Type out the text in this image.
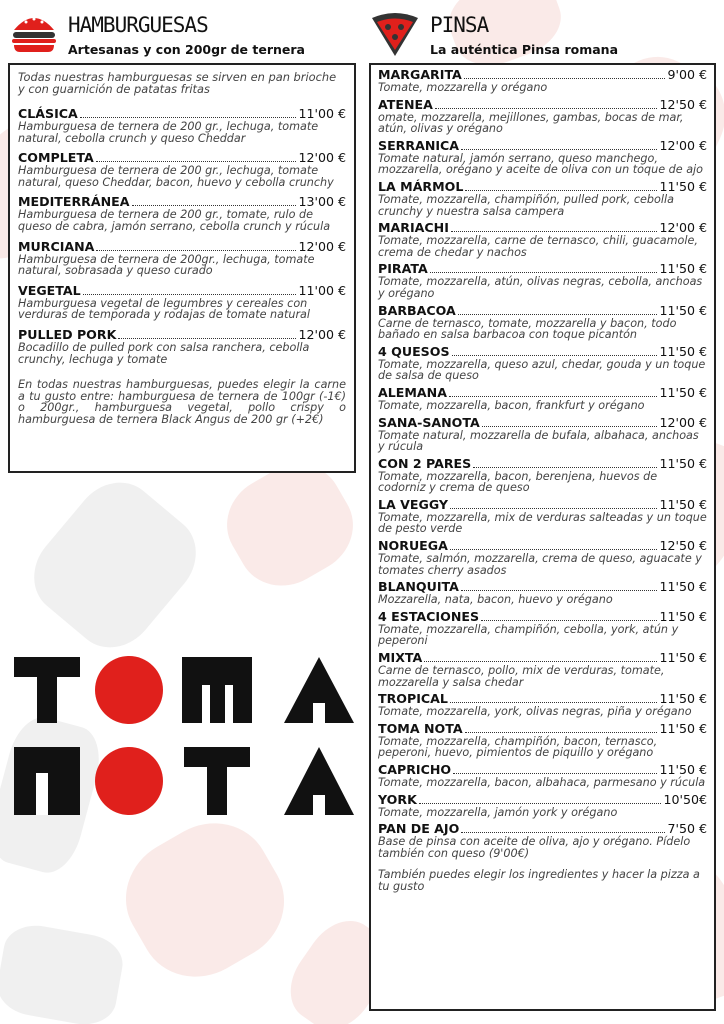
HAMBURGUESAS
Artesanas y con 200gr de ternera
PINSA
La auténtica Pinsa romana
Todas nuestras hamburguesas se sirven en pan brioche y con guarnición de patatas fritas
CLÁSICA	11'00 €
Hamburguesa de ternera de 200 gr., lechuga, tomate natural, cebolla crunch y queso Cheddar
COMPLETA	12'00 €
Hamburguesa de ternera de 200 gr., lechuga, tomate natural, queso Cheddar, bacon, huevo y cebolla crunchy
MEDITERRÁNEA	13'00 €
Hamburguesa de ternera de 200 gr., tomate, rulo de queso de cabra, jamón serrano, cebolla crunch y rúcula
MURCIANA	12'00 €
Hamburguesa de ternera de 200gr., lechuga, tomate natural, sobrasada y queso curado
VEGETAL	11'00 €
Hamburguesa vegetal de legumbres y cereales con verduras de temporada y rodajas de tomate natural
PULLED PORK	12'00 €
Bocadillo de pulled pork con salsa ranchera, cebolla crunchy, lechuga y tomate
En todas nuestras hamburguesas, puedes elegir la carne a tu gusto entre: hamburguesa de ternera de 100gr (-1€) o 200gr., hamburguesa vegetal, pollo crispy o hamburguesa de ternera Black Angus de 200 gr (+2€)
MARGARITA	9'00 €
Tomate, mozzarella y orégano
ATENEA	12'50 €
omate, mozzarella, mejillones, gambas, bocas de mar, atún, olivas y orégano
SERRANICA	12'00 €
Tomate natural, jamón serrano, queso manchego, mozzarella, orégano y aceite de oliva con un toque de ajo
LA MÁRMOL	11'50 €
Tomate, mozzarella, champiñón, pulled pork, cebolla crunchy y nuestra salsa campera
MARIACHI	12'00 €
Tomate, mozzarella, carne de ternasco, chili, guacamole, crema de chedar y nachos
PIRATA	11'50 €
Tomate, mozzarella, atún, olivas negras, cebolla, anchoas y orégano
BARBACOA	11'50 €
Carne de ternasco, tomate, mozzarella y bacon, todo bañado en salsa barbacoa con toque picantón
4 QUESOS	11'50 €
Tomate, mozzarella, queso azul, chedar, gouda y un toque de salsa de queso
ALEMANA	11'50 €
Tomate, mozzarella, bacon, frankfurt y orégano
SANA-SANOTA	12'00 €
Tomate natural, mozzarella de bufala, albahaca, anchoas y rúcula
CON 2 PARES	11'50 €
Tomate, mozzarella, bacon, berenjena, huevos de codorniz y crema de queso
LA VEGGY	11'50 €
Tomate, mozzarella, mix de verduras salteadas y un toque de pesto verde
NORUEGA	12'50 €
Tomate, salmón, mozzarella, crema de queso, aguacate y tomates cherry asados
BLANQUITA	11'50 €
Mozzarella, nata, bacon, huevo y orégano
4 ESTACIONES	11'50 €
Tomate, mozzarella, champiñón, cebolla, york, atún y peperoni
MIXTA	11'50 €
Carne de ternasco, pollo, mix de verduras, tomate, mozzarella y salsa chedar
TROPICAL	11'50 €
Tomate, mozzarella, york, olivas negras, piña y orégano
TOMA NOTA	11'50 €
Tomate, mozzarella, champiñón, bacon, ternasco, peperoni, huevo, pimientos de piquillo y orégano
CAPRICHO	11'50 €
Tomate, mozzarella, bacon, albahaca, parmesano y rúcula
YORK	10'50€
Tomate, mozzarella, jamón york y orégano
PAN DE AJO	7'50 €
Base de pinsa con aceite de oliva, ajo y orégano. Pídelo también con queso (9'00€)
También puedes elegir los ingredientes y hacer la pizza a tu gusto
